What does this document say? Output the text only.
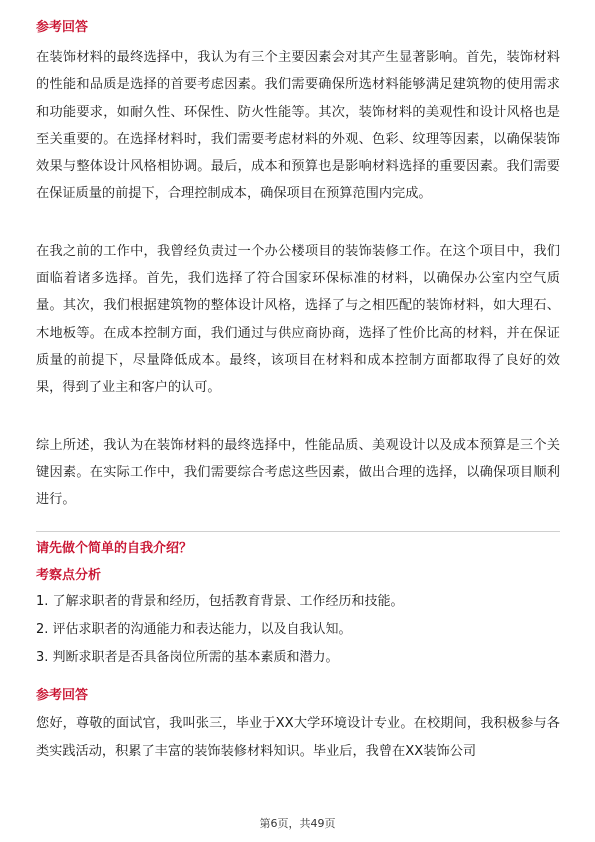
参考回答

在装饰材料的最终选择中，我认为有三个主要因素会对其产生显著影响。首先，装饰材料的性能和品质是选择的首要考虑因素。我们需要确保所选材料能够满足建筑物的使用需求和功能要求，如耐久性、环保性、防火性能等。其次，装饰材料的美观性和设计风格也是至关重要的。在选择材料时，我们需要考虑材料的外观、色彩、纹理等因素，以确保装饰效果与整体设计风格相协调。最后，成本和预算也是影响材料选择的重要因素。我们需要在保证质量的前提下，合理控制成本，确保项目在预算范围内完成。

在我之前的工作中，我曾经负责过一个办公楼项目的装饰装修工作。在这个项目中，我们面临着诸多选择。首先，我们选择了符合国家环保标准的材料，以确保办公室内空气质量。其次，我们根据建筑物的整体设计风格，选择了与之相匹配的装饰材料，如大理石、木地板等。在成本控制方面，我们通过与供应商协商，选择了性价比高的材料，并在保证质量的前提下，尽量降低成本。最终，该项目在材料和成本控制方面都取得了良好的效果，得到了业主和客户的认可。

综上所述，我认为在装饰材料的最终选择中，性能品质、美观设计以及成本预算是三个关键因素。在实际工作中，我们需要综合考虑这些因素，做出合理的选择，以确保项目顺利进行。

请先做个简单的自我介绍？
考察点分析
1. 了解求职者的背景和经历，包括教育背景、工作经历和技能。
2. 评估求职者的沟通能力和表达能力，以及自我认知。
3. 判断求职者是否具备岗位所需的基本素质和潜力。
参考回答

您好，尊敬的面试官，我叫张三，毕业于XX大学环境设计专业。在校期间，我积极参与各类实践活动，积累了丰富的装饰装修材料知识。毕业后，我曾在XX装饰公司

第6页，共49页
